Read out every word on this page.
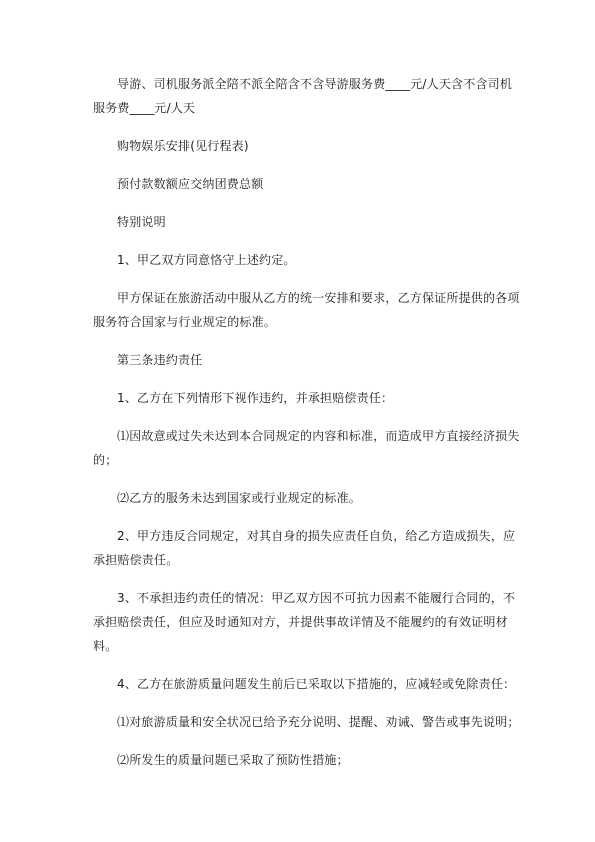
导游、司机服务派全陪不派全陪含不含导游服务费____元/人天含不含司机服务费____元/人天

购物娱乐安排(见行程表)

预付款数额应交纳团费总额

特别说明

1、甲乙双方同意恪守上述约定。

甲方保证在旅游活动中服从乙方的统一安排和要求，乙方保证所提供的各项服务符合国家与行业规定的标准。

第三条违约责任

1、乙方在下列情形下视作违约，并承担赔偿责任：

⑴因故意或过失未达到本合同规定的内容和标准，而造成甲方直接经济损失的；

⑵乙方的服务未达到国家或行业规定的标准。

2、甲方违反合同规定，对其自身的损失应责任自负，给乙方造成损失，应承担赔偿责任。

3、不承担违约责任的情况：甲乙双方因不可抗力因素不能履行合同的，不承担赔偿责任，但应及时通知对方，并提供事故详情及不能履约的有效证明材料。

4、乙方在旅游质量问题发生前后已采取以下措施的，应减轻或免除责任：

⑴对旅游质量和安全状况已给予充分说明、提醒、劝诫、警告或事先说明；

⑵所发生的质量问题已采取了预防性措施；
